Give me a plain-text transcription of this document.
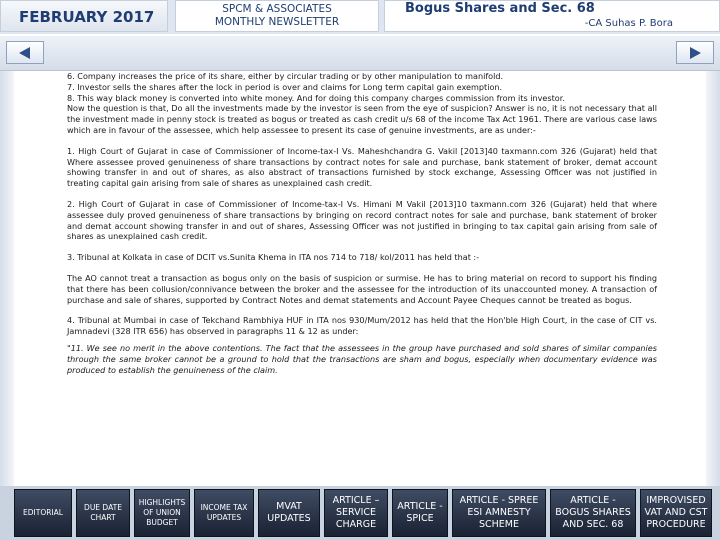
FEBRUARY 2017	SPCM & ASSOCIATES
MONTHLY NEWSLETTER
Bogus Shares and Sec. 68
-CA Suhas P. Bora

6. Company increases the price of its share, either by circular trading or by other manipulation to manifold.

7. Investor sells the shares after the lock in period is over and claims for Long term capital gain exemption.

8. This way black money is converted into white money. And for doing this company charges commission from its investor.

Now the question is that, Do all the investments made by the investor is seen from the eye of suspicion? Answer is no, it is not necessary that all the investment made in penny stock is treated as bogus or treated as cash credit u/s 68 of the income Tax Act 1961. There are various case laws which are in favour of the assessee, which help assessee to present its case of genuine investments, are as under:-

1. High Court of Gujarat in case of Commissioner of Income-tax-I Vs. Maheshchandra G. Vakil [2013]40 taxmann.com 326 (Gujarat) held that Where assessee proved genuineness of share transactions by contract notes for sale and purchase, bank statement of broker, demat account showing transfer in and out of shares, as also abstract of transactions furnished by stock exchange, Assessing Officer was not justified in treating capital gain arising from sale of shares as unexplained cash credit.

2. High Court of Gujarat in case of Commissioner of Income-tax-I Vs. Himani M Vakil [2013]10 taxmann.com 326 (Gujarat) held that where assessee duly proved genuineness of share transactions by bringing on record contract notes for sale and purchase, bank statement of broker and demat account showing transfer in and out of shares, Assessing Officer was not justified in bringing to tax capital gain arising from sale of shares as unexplained cash credit.

3. Tribunal at Kolkata in case of DCIT vs.Sunita Khema in ITA nos 714 to 718/ kol/2011 has held that :-

The AO cannot treat a transaction as bogus only on the basis of suspicion or surmise. He has to bring material on record to support his finding that there has been collusion/connivance between the broker and the assessee for the introduction of its unaccounted money. A transaction of purchase and sale of shares, supported by Contract Notes and demat statements and Account Payee Cheques cannot be treated as bogus.

4. Tribunal at Mumbai in case of Tekchand Rambhiya HUF in ITA nos 930/Mum/2012 has held that the Hon'ble High Court, in the case of CIT vs. Jamnadevi (328 ITR 656) has observed in paragraphs 11 & 12 as under:

"11. We see no merit in the above contentions. The fact that the assessees in the group have purchased and sold shares of similar companies through the same broker cannot be a ground to hold that the transactions are sham and bogus, especially when documentary evidence was produced to establish the genuineness of the claim.

EDITORIAL
DUE DATE CHART
HIGHLIGHTS OF UNION BUDGET
INCOME TAX UPDATES
MVAT UPDATES
ARTICLE – SERVICE CHARGE
ARTICLE - SPICE
ARTICLE - SPREE ESI AMNESTY SCHEME
ARTICLE - BOGUS SHARES AND SEC. 68
IMPROVISED VAT AND CST PROCEDURE
